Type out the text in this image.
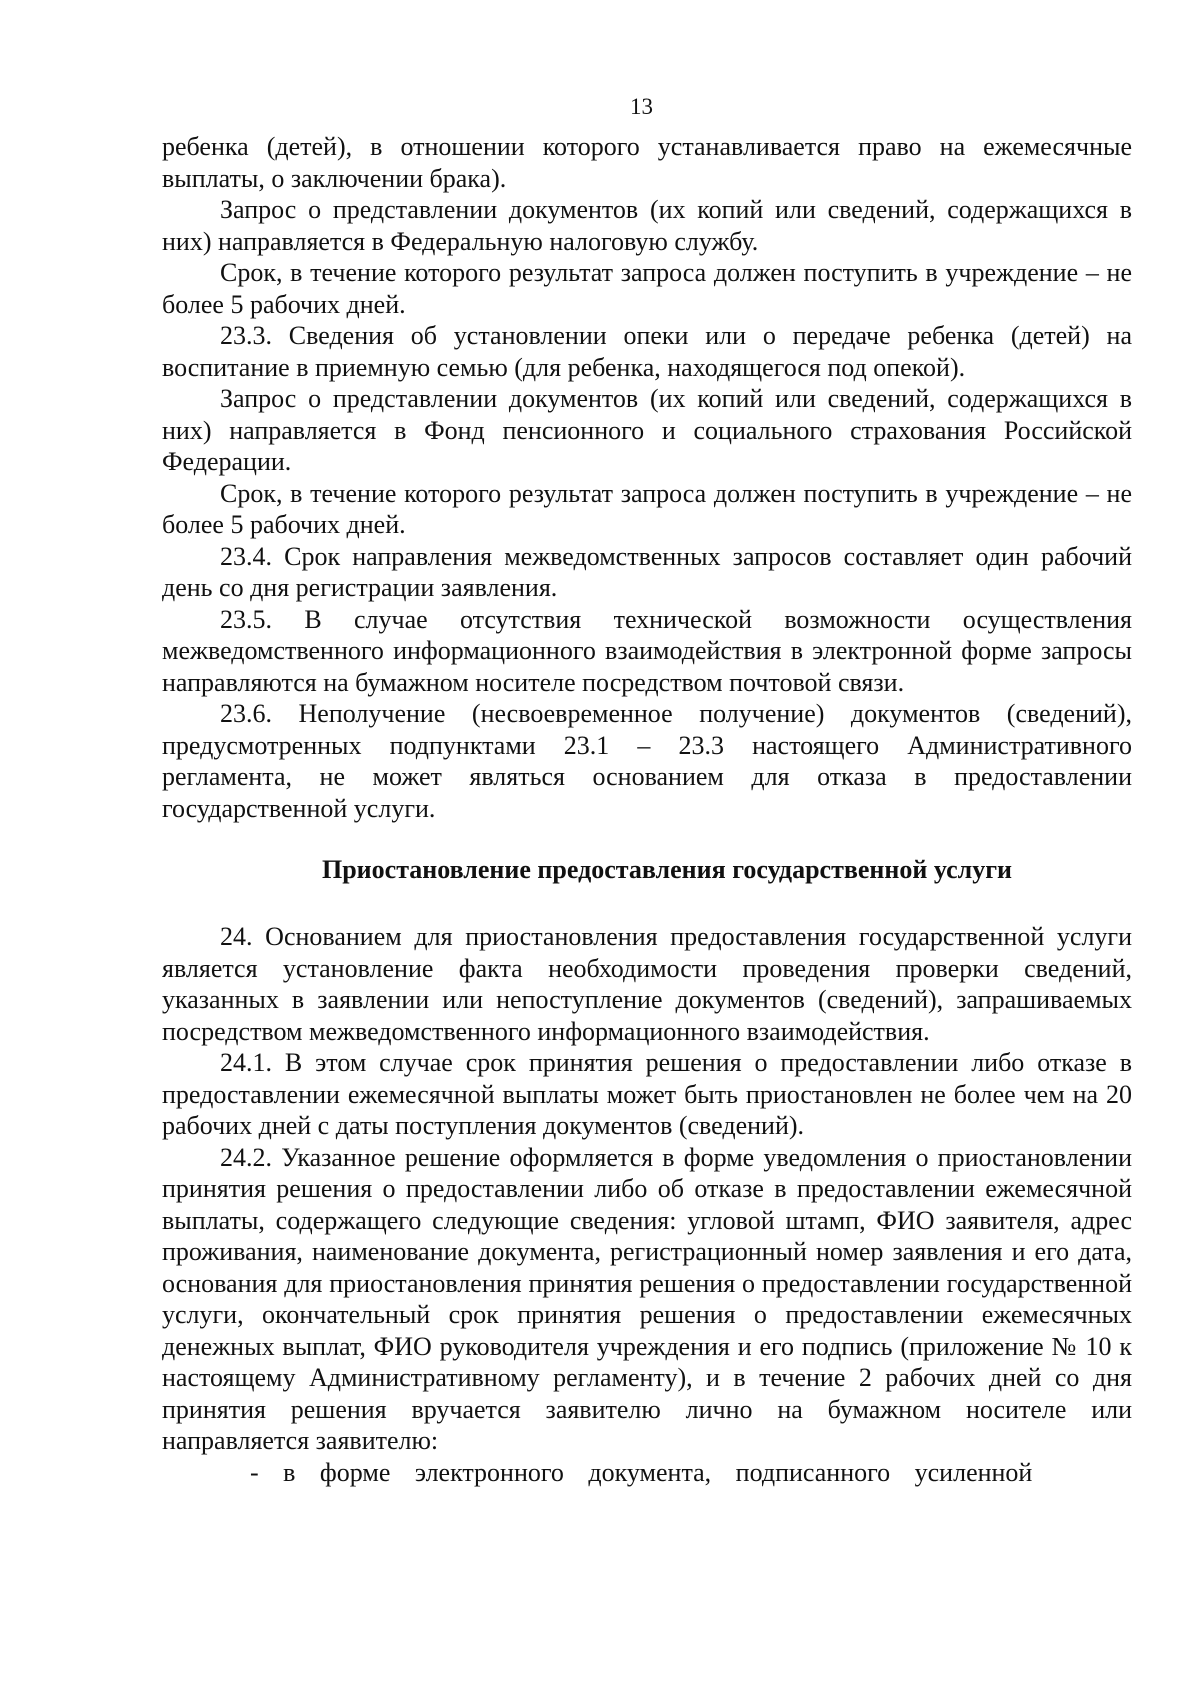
13

ребенка (детей), в отношении которого устанавливается право на ежемесячные выплаты, о заключении брака).

Запрос о представлении документов (их копий или сведений, содержащихся в них) направляется в Федеральную налоговую службу.

Срок, в течение которого результат запроса должен поступить в учреждение – не более 5 рабочих дней.

23.3. Сведения об установлении опеки или о передаче ребенка (детей) на воспитание в приемную семью (для ребенка, находящегося под опекой).

Запрос о представлении документов (их копий или сведений, содержащихся в них) направляется в Фонд пенсионного и социального страхования Российской Федерации.

Срок, в течение которого результат запроса должен поступить в учреждение – не более 5 рабочих дней.

23.4. Срок направления межведомственных запросов составляет один рабочий день со дня регистрации заявления.

23.5. В случае отсутствия технической возможности осуществления межведомственного информационного взаимодействия в электронной форме запросы направляются на бумажном носителе посредством почтовой связи.

23.6. Неполучение (несвоевременное получение) документов (сведений), предусмотренных подпунктами 23.1 – 23.3 настоящего Административного регламента, не может являться основанием для отказа в предоставлении государственной услуги.

Приостановление предоставления государственной услуги

24. Основанием для приостановления предоставления государственной услуги является установление факта необходимости проведения проверки сведений, указанных в заявлении или непоступление документов (сведений), запрашиваемых посредством межведомственного информационного взаимодействия.

24.1. В этом случае срок принятия решения о предоставлении либо отказе в предоставлении ежемесячной выплаты может быть приостановлен не более чем на 20 рабочих дней с даты поступления документов (сведений).

24.2. Указанное решение оформляется в форме уведомления о приостановлении принятия решения о предоставлении либо об отказе в предоставлении ежемесячной выплаты, содержащего следующие сведения: угловой штамп, ФИО заявителя, адрес проживания, наименование документа, регистрационный номер заявления и его дата, основания для приостановления принятия решения о предоставлении государственной услуги, окончательный срок принятия решения о предоставлении ежемесячных денежных выплат, ФИО руководителя учреждения и его подпись (приложение № 10 к настоящему Административному регламенту), и в течение 2 рабочих дней со дня принятия решения вручается заявителю лично на бумажном носителе или направляется заявителю:

- в форме электронного документа, подписанного усиленной
